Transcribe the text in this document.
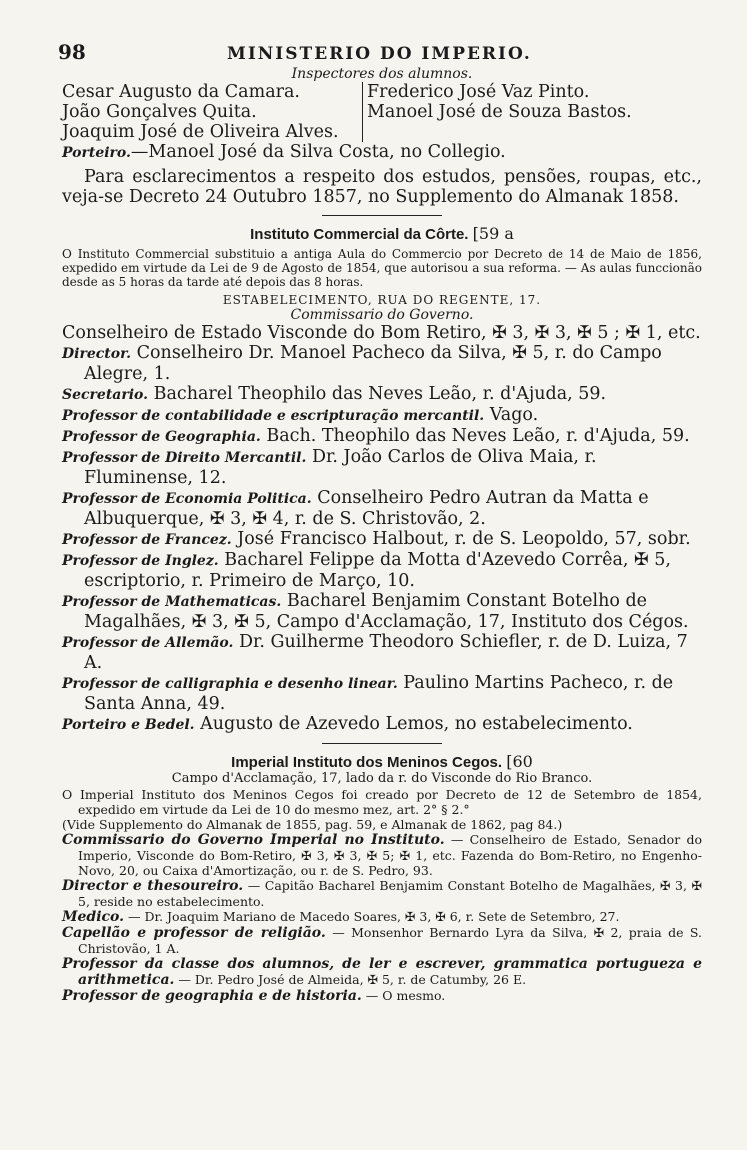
98	MINISTERIO DO IMPERIO.
Inspectores dos alumnos.
Cesar Augusto da Camara.
João Gonçalves Quita.
Joaquim José de Oliveira Alves.
Frederico José Vaz Pinto.
Manoel José de Souza Bastos.
Porteiro.—Manoel José da Silva Costa, no Collegio.
Para esclarecimentos a respeito dos estudos, pensões, roupas, etc., veja-se Decreto 24 Outubro 1857, no Supplemento do Almanak 1858.
Instituto Commercial da Côrte. [59 a
O Instituto Commercial substituio a antiga Aula do Commercio por Decreto de 14 de Maio de 1856, expedido em virtude da Lei de 9 de Agosto de 1854, que autorisou a sua reforma. — As aulas funccionão desde as 5 horas da tarde até depois das 8 horas.
ESTABELECIMENTO, RUA DO REGENTE, 17.
Commissario do Governo.
Conselheiro de Estado Visconde do Bom Retiro, ✠ 3, ✠ 3, ✠ 5 ; ✠ 1, etc.
Director. Conselheiro Dr. Manoel Pacheco da Silva, ✠ 5, r. do Campo Alegre, 1.
Secretario. Bacharel Theophilo das Neves Leão, r. d'Ajuda, 59.
Professor de contabilidade e escripturação mercantil. Vago.
Professor de Geographia. Bach. Theophilo das Neves Leão, r. d'Ajuda, 59.
Professor de Direito Mercantil. Dr. João Carlos de Oliva Maia, r. Fluminense, 12.
Professor de Economia Politica. Conselheiro Pedro Autran da Matta e Albuquerque, ✠ 3, ✠ 4, r. de S. Christovão, 2.
Professor de Francez. José Francisco Halbout, r. de S. Leopoldo, 57, sobr.
Professor de Inglez. Bacharel Felippe da Motta d'Azevedo Corrêa, ✠ 5, escriptorio, r. Primeiro de Março, 10.
Professor de Mathematicas. Bacharel Benjamim Constant Botelho de Magalhães, ✠ 3, ✠ 5, Campo d'Acclamação, 17, Instituto dos Cégos.
Professor de Allemão. Dr. Guilherme Theodoro Schiefler, r. de D. Luiza, 7 A.
Professor de calligraphia e desenho linear. Paulino Martins Pacheco, r. de Santa Anna, 49.
Porteiro e Bedel. Augusto de Azevedo Lemos, no estabelecimento.
Imperial Instituto dos Meninos Cegos. [60
Campo d'Acclamação, 17, lado da r. do Visconde do Rio Branco.
O Imperial Instituto dos Meninos Cegos foi creado por Decreto de 12 de Setembro de 1854, expedido em virtude da Lei de 10 do mesmo mez, art. 2° § 2.°
(Vide Supplemento do Almanak de 1855, pag. 59, e Almanak de 1862, pag 84.)
Commissario do Governo Imperial no Instituto. — Conselheiro de Estado, Senador do Imperio, Visconde do Bom-Retiro, ✠ 3, ✠ 3, ✠ 5; ✠ 1, etc. Fazenda do Bom-Retiro, no Engenho-Novo, 20, ou Caixa d'Amortização, ou r. de S. Pedro, 93.
Director e thesoureiro. — Capitão Bacharel Benjamim Constant Botelho de Magalhães, ✠ 3, ✠ 5, reside no estabelecimento.
Medico. — Dr. Joaquim Mariano de Macedo Soares, ✠ 3, ✠ 6, r. Sete de Setembro, 27.
Capellão e professor de religião. — Monsenhor Bernardo Lyra da Silva, ✠ 2, praia de S. Christovão, 1 A.
Professor da classe dos alumnos, de ler e escrever, grammatica portugueza e arithmetica. — Dr. Pedro José de Almeida, ✠ 5, r. de Catumby, 26 E.
Professor de geographia e de historia. — O mesmo.
